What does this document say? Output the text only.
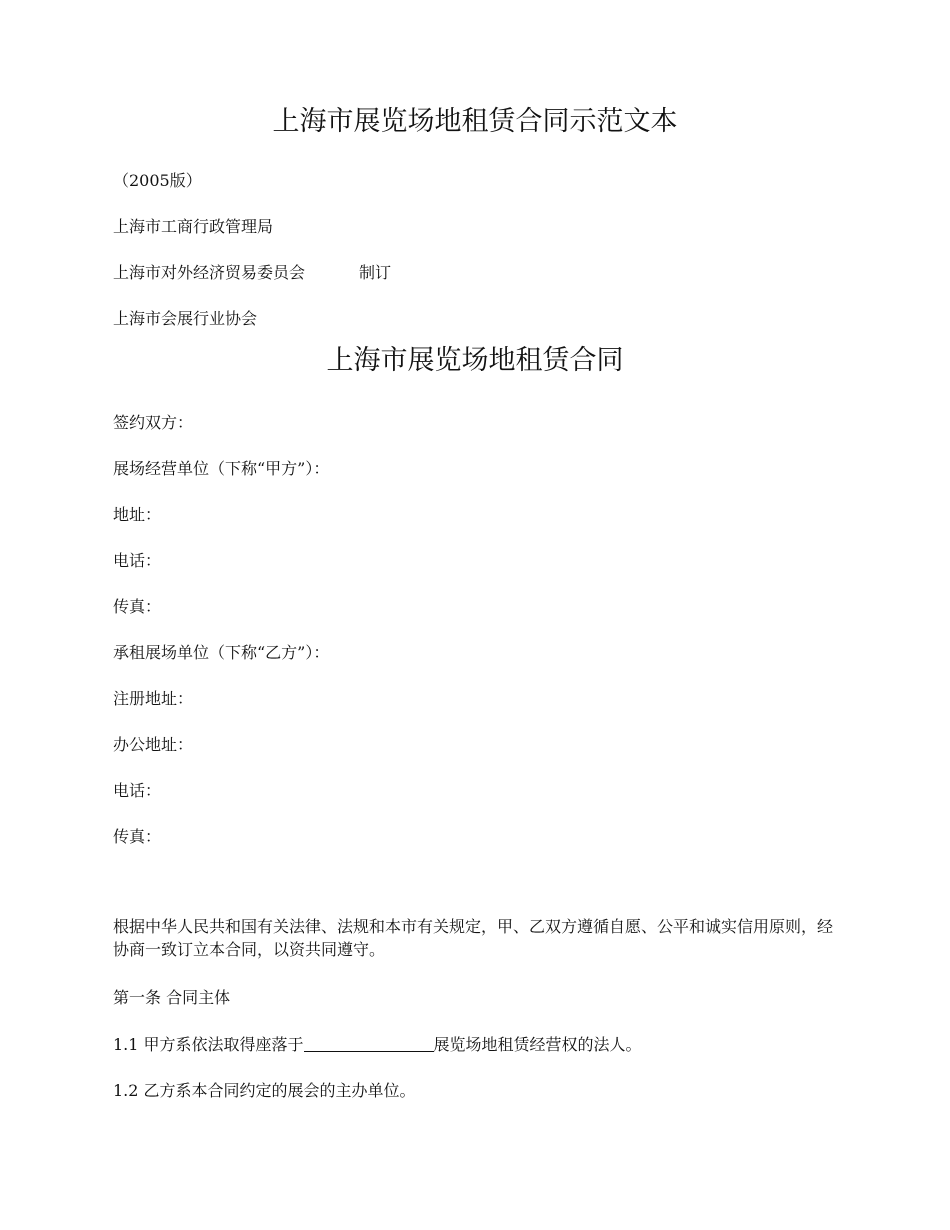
上海市展览场地租赁合同示范文本
（2005版）
上海市工商行政管理局
上海市对外经济贸易委员会	制订
上海市会展行业协会
上海市展览场地租赁合同
签约双方：
展场经营单位（下称“甲方”）：
地址：
电话：
传真：
承租展场单位（下称“乙方”）：
注册地址：
办公地址：
电话：
传真：
根据中华人民共和国有关法律、法规和本市有关规定，甲、乙双方遵循自愿、公平和诚实信用原则，经协商一致订立本合同，以资共同遵守。
第一条 合同主体
1.1 甲方系依法取得座落于	展览场地租赁经营权的法人。
1.2 乙方系本合同约定的展会的主办单位。
